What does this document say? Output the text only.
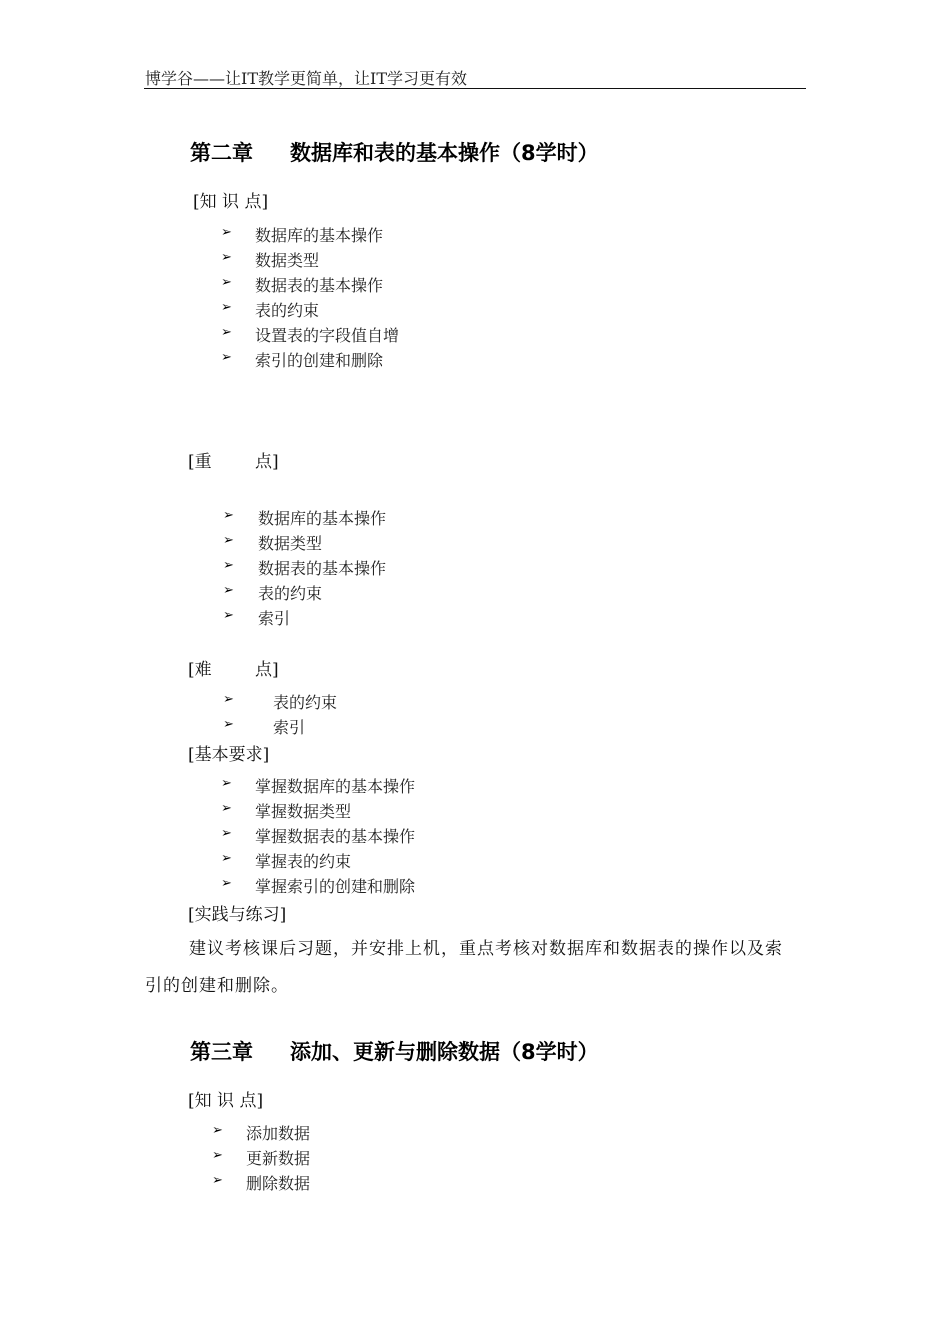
博学谷——让IT教学更简单，让IT学习更有效
第二章 数据库和表的基本操作（8学时）
[知 识 点]
➢ 数据库的基本操作
➢ 数据类型
➢ 数据表的基本操作
➢ 表的约束
➢ 设置表的字段值自增
➢ 索引的创建和删除
[重	点]
➢ 数据库的基本操作
➢ 数据类型
➢ 数据表的基本操作
➢ 表的约束
➢ 索引
[难	点]
➢ 表的约束
➢ 索引
[基本要求]
➢ 掌握数据库的基本操作
➢ 掌握数据类型
➢ 掌握数据表的基本操作
➢ 掌握表的约束
➢ 掌握索引的创建和删除
[实践与练习]
建议考核课后习题，并安排上机，重点考核对数据库和数据表的操作以及索
引的创建和删除。
第三章 添加、更新与删除数据（8学时）
[知 识 点]
➢ 添加数据
➢ 更新数据
➢ 删除数据
